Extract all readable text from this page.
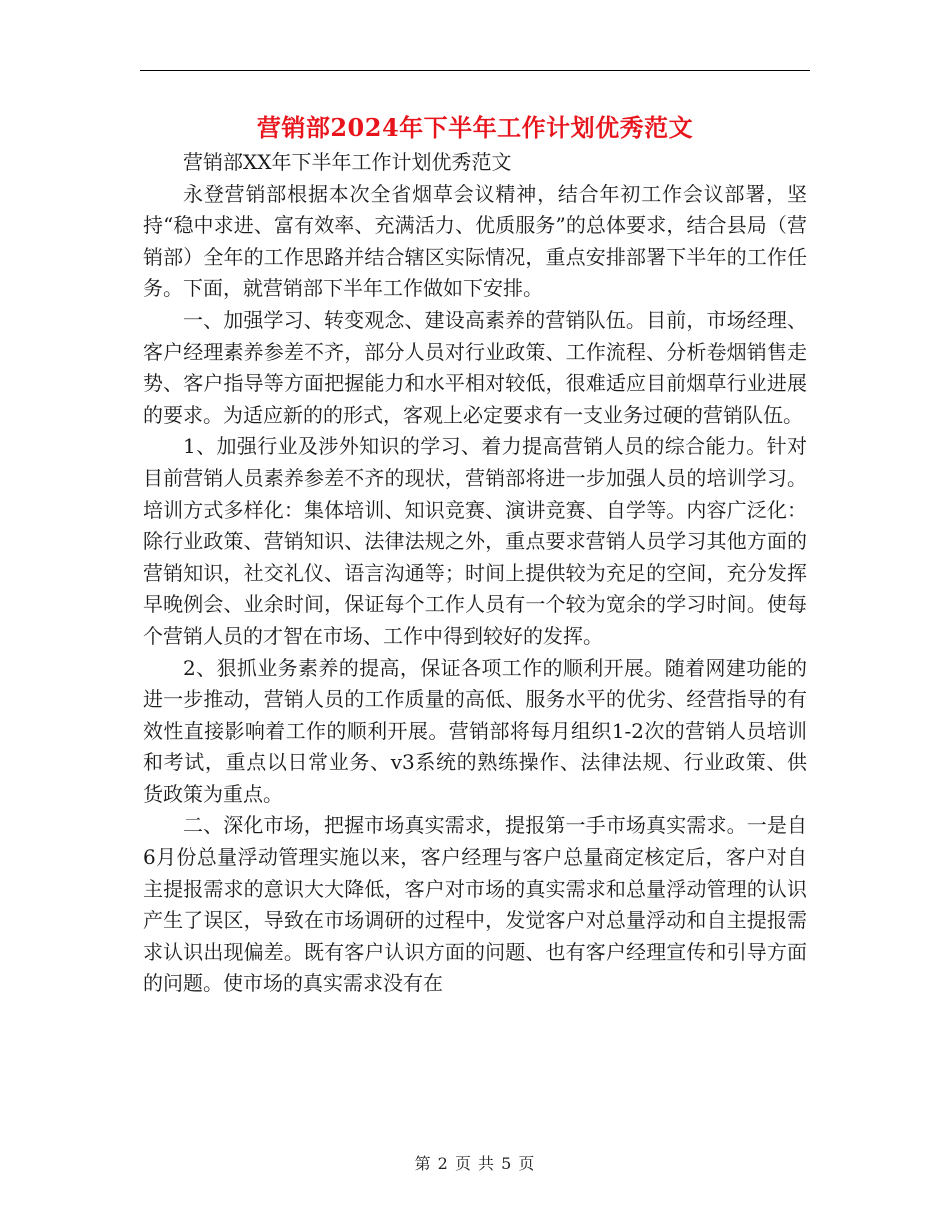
营销部2024年下半年工作计划优秀范文

营销部XX年下半年工作计划优秀范文

永登营销部根据本次全省烟草会议精神，结合年初工作会议部署，坚持“稳中求进、富有效率、充满活力、优质服务”的总体要求，结合县局（营销部）全年的工作思路并结合辖区实际情况，重点安排部署下半年的工作任务。下面，就营销部下半年工作做如下安排。

一、加强学习、转变观念、建设高素养的营销队伍。目前，市场经理、客户经理素养参差不齐，部分人员对行业政策、工作流程、分析卷烟销售走势、客户指导等方面把握能力和水平相对较低，很难适应目前烟草行业进展的要求。为适应新的的形式，客观上必定要求有一支业务过硬的营销队伍。

1、加强行业及涉外知识的学习、着力提高营销人员的综合能力。针对目前营销人员素养参差不齐的现状，营销部将进一步加强人员的培训学习。培训方式多样化：集体培训、知识竞赛、演讲竞赛、自学等。内容广泛化：除行业政策、营销知识、法律法规之外，重点要求营销人员学习其他方面的营销知识，社交礼仪、语言沟通等；时间上提供较为充足的空间，充分发挥早晚例会、业余时间，保证每个工作人员有一个较为宽余的学习时间。使每个营销人员的才智在市场、工作中得到较好的发挥。

2、狠抓业务素养的提高，保证各项工作的顺利开展。随着网建功能的进一步推动，营销人员的工作质量的高低、服务水平的优劣、经营指导的有效性直接影响着工作的顺利开展。营销部将每月组织1-2次的营销人员培训和考试，重点以日常业务、v3系统的熟练操作、法律法规、行业政策、供货政策为重点。

二、深化市场，把握市场真实需求，提报第一手市场真实需求。一是自6月份总量浮动管理实施以来，客户经理与客户总量商定核定后，客户对自主提报需求的意识大大降低，客户对市场的真实需求和总量浮动管理的认识产生了误区，导致在市场调研的过程中，发觉客户对总量浮动和自主提报需求认识出现偏差。既有客户认识方面的问题、也有客户经理宣传和引导方面的问题。使市场的真实需求没有在

第 2 页 共 5 页
